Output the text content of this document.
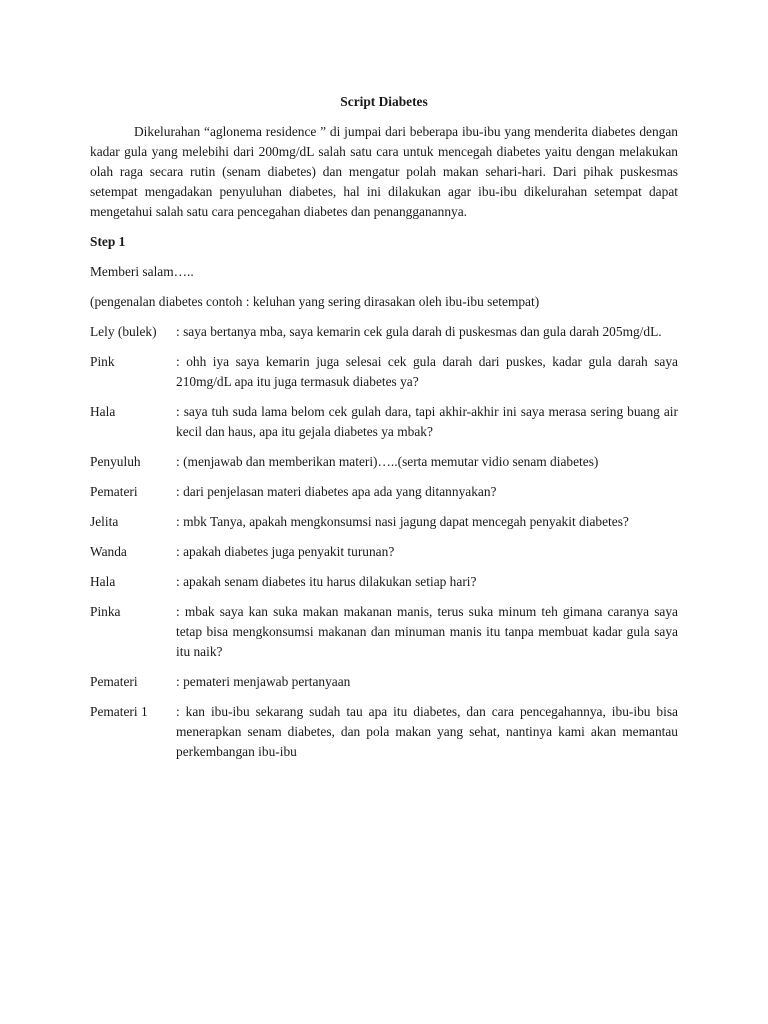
Script Diabetes

Dikelurahan “aglonema residence ” di jumpai dari beberapa ibu-ibu yang menderita diabetes dengan kadar gula yang melebihi dari 200mg/dL salah satu cara untuk mencegah diabetes yaitu dengan melakukan olah raga secara rutin (senam diabetes) dan mengatur polah makan sehari-hari. Dari pihak puskesmas setempat mengadakan penyuluhan diabetes, hal ini dilakukan agar ibu-ibu dikelurahan setempat dapat mengetahui salah satu cara pencegahan diabetes dan penangganannya.

Step 1

Memberi salam…..

(pengenalan diabetes contoh : keluhan yang sering dirasakan oleh ibu-ibu setempat)

Lely (bulek)	: saya bertanya mba, saya kemarin cek gula darah di puskesmas dan gula darah 205mg/dL.
Pink	: ohh iya saya kemarin juga selesai cek gula darah dari puskes, kadar gula darah saya 210mg/dL apa itu juga termasuk diabetes ya?
Hala	: saya tuh suda lama belom cek gulah dara, tapi akhir-akhir ini saya merasa sering buang air kecil dan haus, apa itu gejala diabetes ya mbak?
Penyuluh	: (menjawab dan memberikan materi)…..(serta memutar vidio senam diabetes)
Pemateri	: dari penjelasan materi diabetes apa ada yang ditannyakan?
Jelita	: mbk Tanya, apakah mengkonsumsi nasi jagung dapat mencegah penyakit diabetes?
Wanda	: apakah diabetes juga penyakit turunan?
Hala	: apakah senam diabetes itu harus dilakukan setiap hari?
Pinka	: mbak saya kan suka makan makanan manis, terus suka minum teh gimana caranya saya tetap bisa mengkonsumsi makanan dan minuman manis itu tanpa membuat kadar gula saya itu naik?
Pemateri	: pemateri menjawab pertanyaan
Pemateri 1	: kan ibu-ibu sekarang sudah tau apa itu diabetes, dan cara pencegahannya, ibu-ibu bisa menerapkan senam diabetes, dan pola makan yang sehat, nantinya kami akan memantau perkembangan ibu-ibu
